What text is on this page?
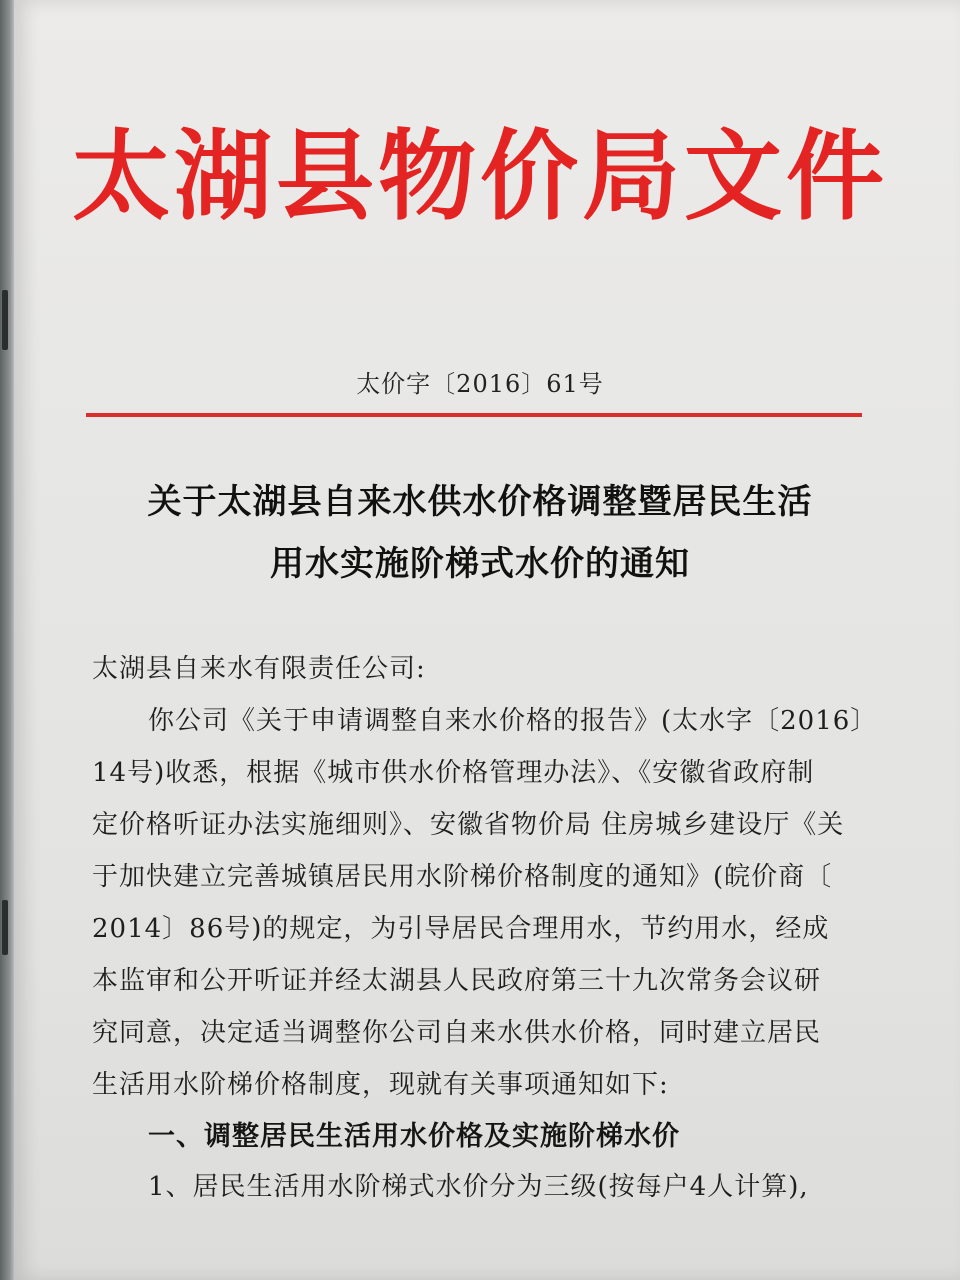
太湖县物价局文件
太价字〔2016〕61号
关于太湖县自来水供水价格调整暨居民生活
用水实施阶梯式水价的通知
太湖县自来水有限责任公司:
你公司《关于申请调整自来水价格的报告》(太水字〔2016〕
14号)收悉，根据《城市供水价格管理办法》、《安徽省政府制
定价格听证办法实施细则》、安徽省物价局 住房城乡建设厅《关
于加快建立完善城镇居民用水阶梯价格制度的通知》(皖价商〔
2014〕86号)的规定，为引导居民合理用水，节约用水，经成
本监审和公开听证并经太湖县人民政府第三十九次常务会议研
究同意，决定适当调整你公司自来水供水价格，同时建立居民
生活用水阶梯价格制度，现就有关事项通知如下:
一、调整居民生活用水价格及实施阶梯水价
1、居民生活用水阶梯式水价分为三级(按每户4人计算),
